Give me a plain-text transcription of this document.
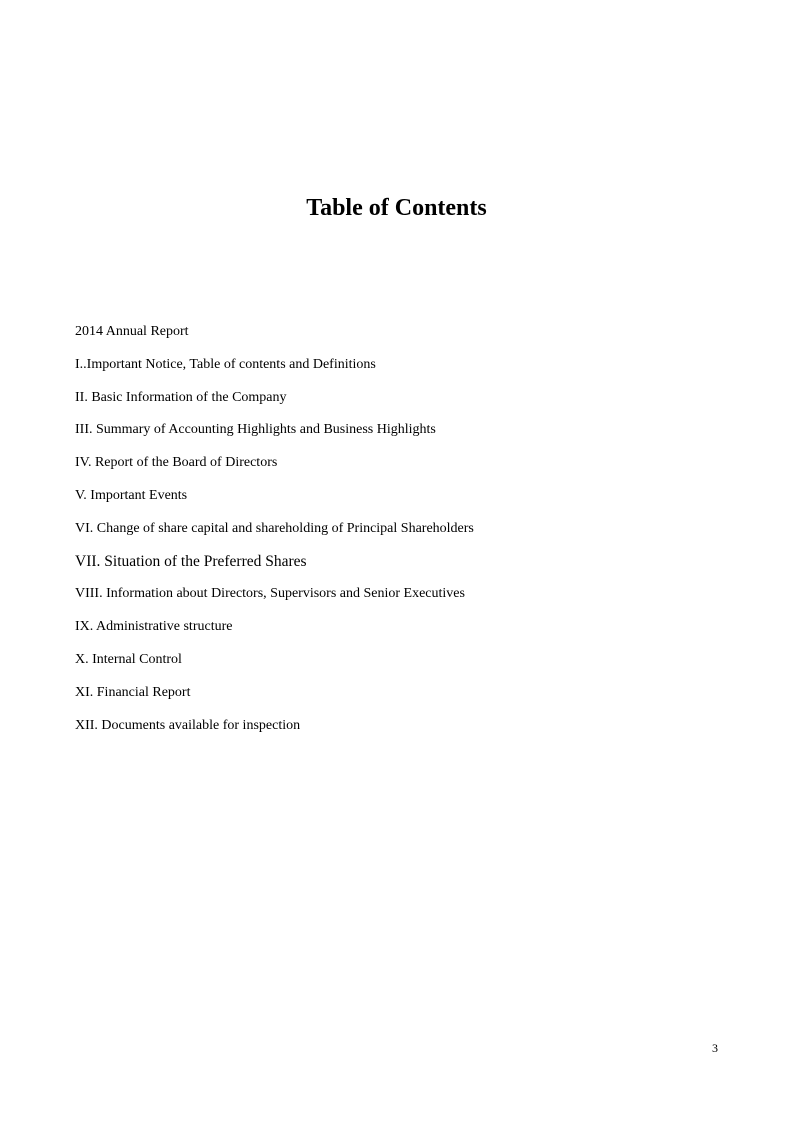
Table of Contents
2014 Annual Report
I..Important Notice, Table of contents and Definitions
II. Basic Information of the Company
III. Summary of Accounting Highlights and Business Highlights
IV. Report of the Board of Directors
V. Important Events
VI. Change of share capital and shareholding of Principal Shareholders
VII. Situation of the Preferred Shares
VIII. Information about Directors, Supervisors and Senior Executives
IX. Administrative structure
X. Internal Control
XI. Financial Report
XII. Documents available for inspection
3
